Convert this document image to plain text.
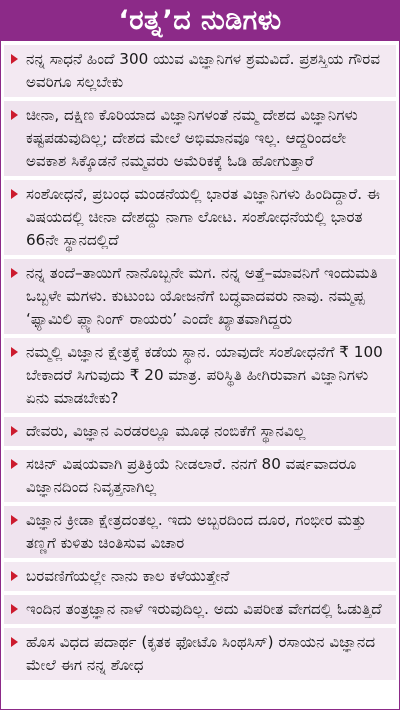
‘ರತ್ನ’ದ ನುಡಿಗಳು
ನನ್ನ ಸಾಧನೆ ಹಿಂದೆ 300 ಯುವ ವಿಜ್ಞಾನಿಗಳ ಶ್ರಮವಿದೆ. ಪ್ರಶಸ್ತಿಯ ಗೌರವ ಅವರಿಗೂ ಸಲ್ಲಬೇಕು
ಚೀನಾ, ದಕ್ಷಿಣ ಕೊರಿಯಾದ ವಿಜ್ಞಾನಿಗಳಂತೆ ನಮ್ಮ ದೇಶದ ವಿಜ್ಞಾನಿಗಳು ಕಷ್ಟಪಡುವುದಿಲ್ಲ; ದೇಶದ ಮೇಲೆ ಅಭಿಮಾನವೂ ಇಲ್ಲ. ಆದ್ದರಿಂದಲೇ ಅವಕಾಶ ಸಿಕ್ಕೊಡನೆ ನಮ್ಮವರು ಅಮೆರಿಕಕ್ಕೆ ಓಡಿ ಹೋಗುತ್ತಾರೆ
ಸಂಶೋಧನೆ, ಪ್ರಬಂಧ ಮಂಡನೆಯಲ್ಲಿ ಭಾರತ ವಿಜ್ಞಾನಿಗಳು ಹಿಂದಿದ್ದಾರೆ. ಈ ವಿಷಯದಲ್ಲಿ ಚೀನಾ ದೇಶದ್ದು ನಾಗಾ ಲೋಟ. ಸಂಶೋಧನೆಯಲ್ಲಿ ಭಾರತ 66ನೇ ಸ್ಥಾನದಲ್ಲಿದೆ
ನನ್ನ ತಂದೆ–ತಾಯಿಗೆ ನಾನೊಬ್ಬನೇ ಮಗ. ನನ್ನ ಅತ್ತೆ–ಮಾವನಿಗೆ ಇಂದುಮತಿ ಒಬ್ಬಳೇ ಮಗಳು. ಕುಟುಂಬ ಯೋಜನೆಗೆ ಬದ್ಧವಾದವರು ನಾವು. ನಮ್ಮಪ್ಪ ‘ಫ್ಯಾಮಿಲಿ ಪ್ಲ್ಯಾನಿಂಗ್ ರಾಯರು’ ಎಂದೇ ಖ್ಯಾತವಾಗಿದ್ದರು
ನಮ್ಮಲ್ಲಿ ವಿಜ್ಞಾನ ಕ್ಷೇತ್ರಕ್ಕೆ ಕಡೆಯ ಸ್ಥಾನ. ಯಾವುದೇ ಸಂಶೋಧನೆಗೆ ₹ 100 ಬೇಕಾದರೆ ಸಿಗುವುದು ₹ 20 ಮಾತ್ರ. ಪರಿಸ್ಥಿತಿ ಹೀಗಿರುವಾಗ ವಿಜ್ಞಾನಿಗಳು ಏನು ಮಾಡಬೇಕು?
ದೇವರು, ವಿಜ್ಞಾನ ಎರಡರಲ್ಲೂ ಮೂಢ ನಂಬಿಕೆಗೆ ಸ್ಥಾನವಿಲ್ಲ
ಸಚಿನ್ ವಿಷಯವಾಗಿ ಪ್ರತಿಕ್ರಿಯೆ ನೀಡಲಾರೆ. ನನಗೆ 80 ವರ್ಷವಾದರೂ ವಿಜ್ಞಾನದಿಂದ ನಿವೃತ್ತನಾಗಿಲ್ಲ
ವಿಜ್ಞಾನ ಕ್ರೀಡಾ ಕ್ಷೇತ್ರದಂತಲ್ಲ. ಇದು ಅಬ್ಬರದಿಂದ ದೂರ, ಗಂಭೀರ ಮತ್ತು ತಣ್ಣಗೆ ಕುಳಿತು ಚಿಂತಿಸುವ ವಿಚಾರ
ಬರವಣಿಗೆಯಲ್ಲೇ ನಾನು ಕಾಲ ಕಳೆಯುತ್ತೇನೆ
ಇಂದಿನ ತಂತ್ರಜ್ಞಾನ ನಾಳೆ ಇರುವುದಿಲ್ಲ. ಅದು ವಿಪರೀತ ವೇಗದಲ್ಲಿ ಓಡುತ್ತಿದೆ
ಹೊಸ ವಿಧದ ಪದಾರ್ಥ (ಕೃತಕ ಫೋಟೊ ಸಿಂಥಸಿಸ್) ರಸಾಯನ ವಿಜ್ಞಾನದ ಮೇಲೆ ಈಗ ನನ್ನ ಶೋಧ
